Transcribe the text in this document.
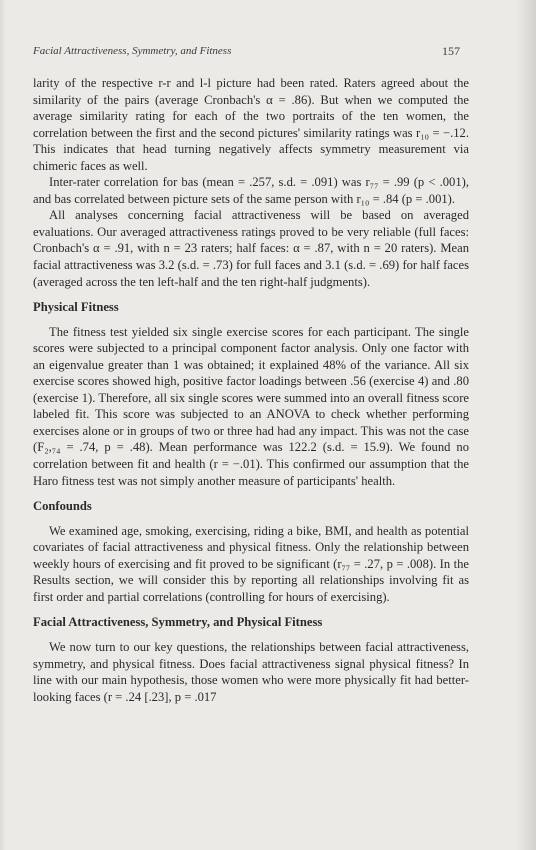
Facial Attractiveness, Symmetry, and Fitness	157

larity of the respective r-r and l-l picture had been rated. Raters agreed about the similarity of the pairs (average Cronbach's α = .86). But when we computed the average similarity rating for each of the two portraits of the ten women, the correlation between the first and the second pictures' similarity ratings was r₁₀ = −.12. This indicates that head turning negatively affects symmetry measurement via chimeric faces as well.

Inter-rater correlation for bas (mean = .257, s.d. = .091) was r₇₇ = .99 (p < .001), and bas correlated between picture sets of the same person with r₁₀ = .84 (p = .001).

All analyses concerning facial attractiveness will be based on averaged evaluations. Our averaged attractiveness ratings proved to be very reliable (full faces: Cronbach's α = .91, with n = 23 raters; half faces: α = .87, with n = 20 raters). Mean facial attractiveness was 3.2 (s.d. = .73) for full faces and 3.1 (s.d. = .69) for half faces (averaged across the ten left-half and the ten right-half judgments).

Physical Fitness

The fitness test yielded six single exercise scores for each participant. The single scores were subjected to a principal component factor analysis. Only one factor with an eigenvalue greater than 1 was obtained; it explained 48% of the variance. All six exercise scores showed high, positive factor loadings between .56 (exercise 4) and .80 (exercise 1). Therefore, all six single scores were summed into an overall fitness score labeled fit. This score was subjected to an ANOVA to check whether performing exercises alone or in groups of two or three had had any impact. This was not the case (F₂,₇₄ = .74, p = .48). Mean performance was 122.2 (s.d. = 15.9). We found no correlation between fit and health (r = −.01). This confirmed our assumption that the Haro fitness test was not simply another measure of participants' health.

Confounds

We examined age, smoking, exercising, riding a bike, BMI, and health as potential covariates of facial attractiveness and physical fitness. Only the relationship between weekly hours of exercising and fit proved to be significant (r₇₇ = .27, p = .008). In the Results section, we will consider this by reporting all relationships involving fit as first order and partial correlations (controlling for hours of exercising).

Facial Attractiveness, Symmetry, and Physical Fitness

We now turn to our key questions, the relationships between facial attractiveness, symmetry, and physical fitness. Does facial attractiveness signal physical fitness? In line with our main hypothesis, those women who were more physically fit had better-looking faces (r = .24 [.23], p = .017
